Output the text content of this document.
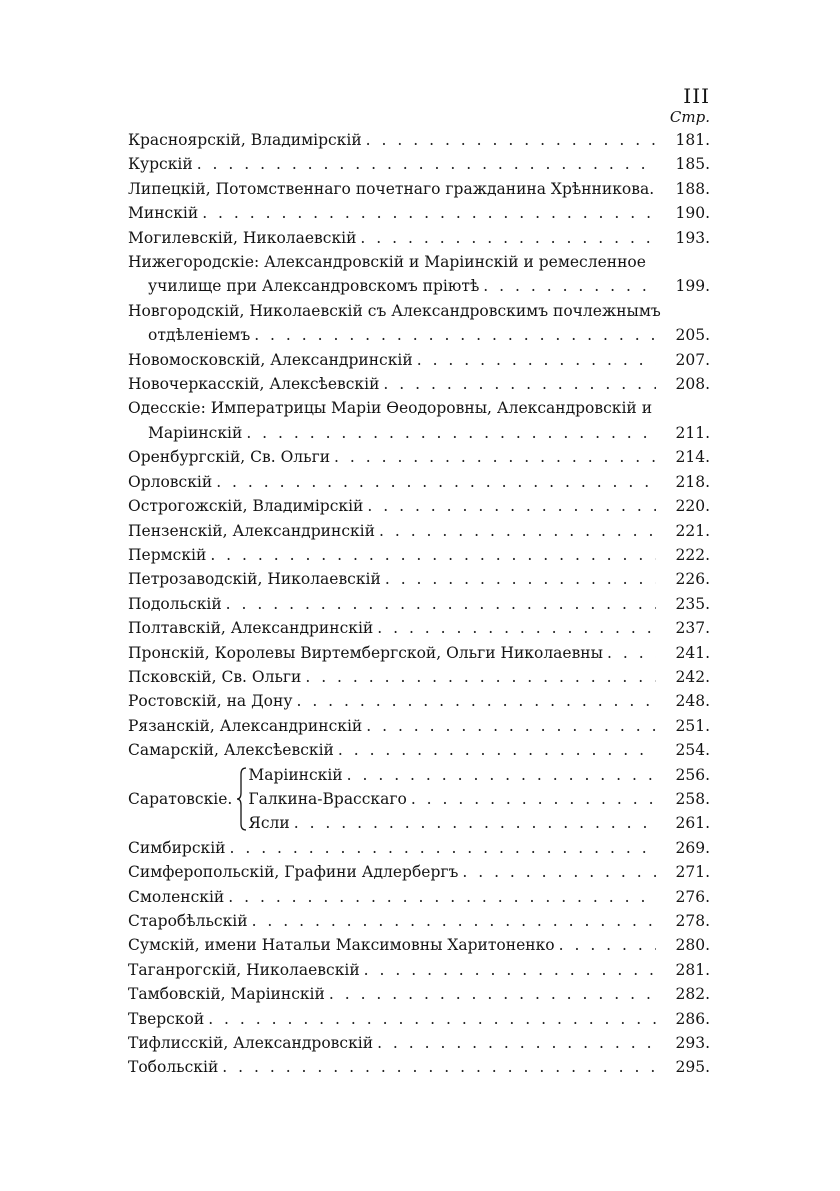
III
Стр.
Красноярскій, Владимірскій . . .	181.
Курскій . . .	185.
Липецкій, Потомственнаго почетнаго гражданина Хрѣнникова.	188.
Минскій . . .	190.
Могилевскій, Николаевскій . . .	193.
Нижегородскіе: Александровскій и Маріинскій и ремесленное
училище при Александровскомъ пріютѣ . . .	199.
Новгородскій, Николаевскій съ Александровскимъ почлежнымъ
отдѣленіемъ . . .	205.
Новомосковскій, Александринскій . . .	207.
Новочеркасскій, Алексѣевскій . . .	208.
Одесскіе: Императрицы Маріи Ѳеодоровны, Александровскій и
Маріинскій . . .	211.
Оренбургскій, Св. Ольги . . .	214.
Орловскій . . .	218.
Острогожскій, Владимірскій . . .	220.
Пензенскій, Александринскій . . .	221.
Пермскій . . .	222.
Петрозаводскій, Николаевскій . . .	226.
Подольскій . . .	235.
Полтавскій, Александринскій . . .	237.
Пронскій, Королевы Виртембергской, Ольги Николаевны . . .	241.
Псковскій, Св. Ольги . . .	242.
Ростовскій, на Дону . . .	248.
Рязанскій, Александринскій . . .	251.
Самарскій, Алексѣевскій . . .	254.
Саратовскіе.
Маріинскій . . .	256.
Галкина-Врасскаго . . .	258.
Ясли . . .	261.
Симбирскій . . .	269.
Симферопольскій, Графини Адлербергъ . . .	271.
Смоленскій . . .	276.
Старобѣльскій . . .	278.
Сумскій, имени Натальи Максимовны Харитоненко . . .	280.
Таганрогскій, Николаевскій . . .	281.
Тамбовскій, Маріинскій . . .	282.
Тверской . . .	286.
Тифлисскій, Александровскій . . .	293.
Тобольскій . . .	295.
